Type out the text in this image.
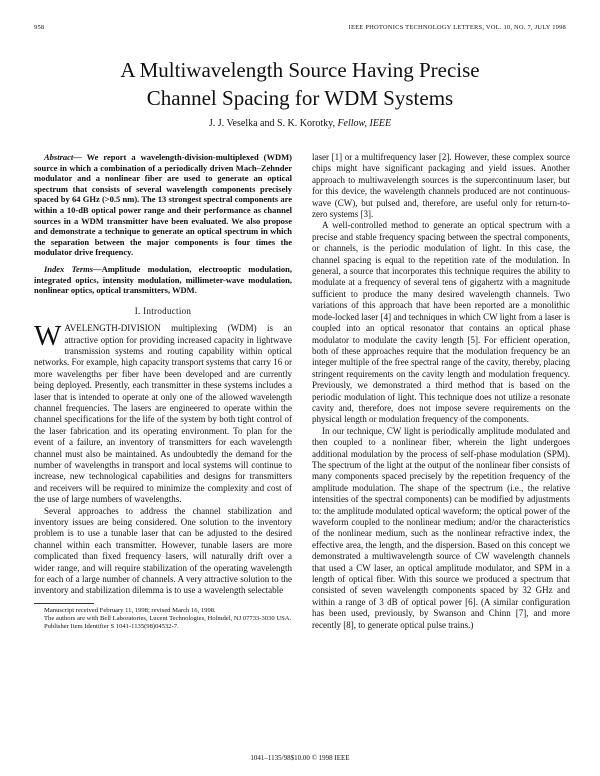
958	IEEE PHOTONICS TECHNOLOGY LETTERS, VOL. 10, NO. 7, JULY 1998
A Multiwavelength Source Having Precise
Channel Spacing for WDM Systems
J. J. Veselka and S. K. Korotky, Fellow, IEEE

Abstract— We report a wavelength-division-multiplexed (WDM) source in which a combination of a periodically driven Mach–Zehnder modulator and a nonlinear fiber are used to generate an optical spectrum that consists of several wavelength components precisely spaced by 64 GHz (>0.5 nm). The 13 strongest spectral components are within a 10-dB optical power range and their performance as channel sources in a WDM transmitter have been evaluated. We also propose and demonstrate a technique to generate an optical spectrum in which the separation between the major components is four times the modulator drive frequency.

Index Terms—Amplitude modulation, electrooptic modulation, integrated optics, intensity modulation, millimeter-wave modulation, nonlinear optics, optical transmitters, WDM.

I. Introduction

WAVELENGTH-DIVISION multiplexing (WDM) is an attractive option for providing increased capacity in lightwave transmission systems and routing capability within optical networks. For example, high capacity transport systems that carry 16 or more wavelengths per fiber have been developed and are currently being deployed. Presently, each transmitter in these systems includes a laser that is intended to operate at only one of the allowed wavelength channel frequencies. The lasers are engineered to operate within the channel specifications for the life of the system by both tight control of the laser fabrication and its operating environment. To plan for the event of a failure, an inventory of transmitters for each wavelength channel must also be maintained. As undoubtedly the demand for the number of wavelengths in transport and local systems will continue to increase, new technological capabilities and designs for transmitters and receivers will be required to minimize the complexity and cost of the use of large numbers of wavelengths.

Several approaches to address the channel stabilization and inventory issues are being considered. One solution to the inventory problem is to use a tunable laser that can be adjusted to the desired channel within each transmitter. However, tunable lasers are more complicated than fixed frequency lasers, will naturally drift over a wider range, and will require stabilization of the operating wavelength for each of a large number of channels. A very attractive solution to the inventory and stabilization dilemma is to use a wavelength selectable

Manuscript received February 11, 1998; revised March 16, 1998.

The authors are with Bell Laboratories, Lucent Technologies, Holmdel, NJ 07733-3030 USA.

Publisher Item Identifier S 1041-1135(98)04532-7.

laser [1] or a multifrequency laser [2]. However, these complex source chips might have significant packaging and yield issues. Another approach to multiwavelength sources is the supercontinuum laser, but for this device, the wavelength channels produced are not continuous-wave (CW), but pulsed and, therefore, are useful only for return-to-zero systems [3].

A well-controlled method to generate an optical spectrum with a precise and stable frequency spacing between the spectral components, or channels, is the periodic modulation of light. In this case, the channel spacing is equal to the repetition rate of the modulation. In general, a source that incorporates this technique requires the ability to modulate at a frequency of several tens of gigahertz with a magnitude sufficient to produce the many desired wavelength channels. Two variations of this approach that have been reported are a monolithic mode-locked laser [4] and techniques in which CW light from a laser is coupled into an optical resonator that contains an optical phase modulator to modulate the cavity length [5]. For efficient operation, both of these approaches require that the modulation frequency be an integer multiple of the free spectral range of the cavity, thereby, placing stringent requirements on the cavity length and modulation frequency. Previously, we demonstrated a third method that is based on the periodic modulation of light. This technique does not utilize a resonate cavity and, therefore, does not impose severe requirements on the physical length or modulation frequency of the components.

In our technique, CW light is periodically amplitude modulated and then coupled to a nonlinear fiber, wherein the light undergoes additional modulation by the process of self-phase modulation (SPM). The spectrum of the light at the output of the nonlinear fiber consists of many components spaced precisely by the repetition frequency of the amplitude modulation. The shape of the spectrum (i.e., the relative intensities of the spectral components) can be modified by adjustments to: the amplitude modulated optical waveform; the optical power of the waveform coupled to the nonlinear medium; and/or the characteristics of the nonlinear medium, such as the nonlinear refractive index, the effective area, the length, and the dispersion. Based on this concept we demonstrated a multiwavelength source of CW wavelength channels that used a CW laser, an optical amplitude modulator, and SPM in a length of optical fiber. With this source we produced a spectrum that consisted of seven wavelength components spaced by 32 GHz and within a range of 3 dB of optical power [6]. (A similar configuration has been used, previously, by Swanson and Chinn [7], and more recently [8], to generate optical pulse trains.)

1041–1135/98$10.00 © 1998 IEEE
